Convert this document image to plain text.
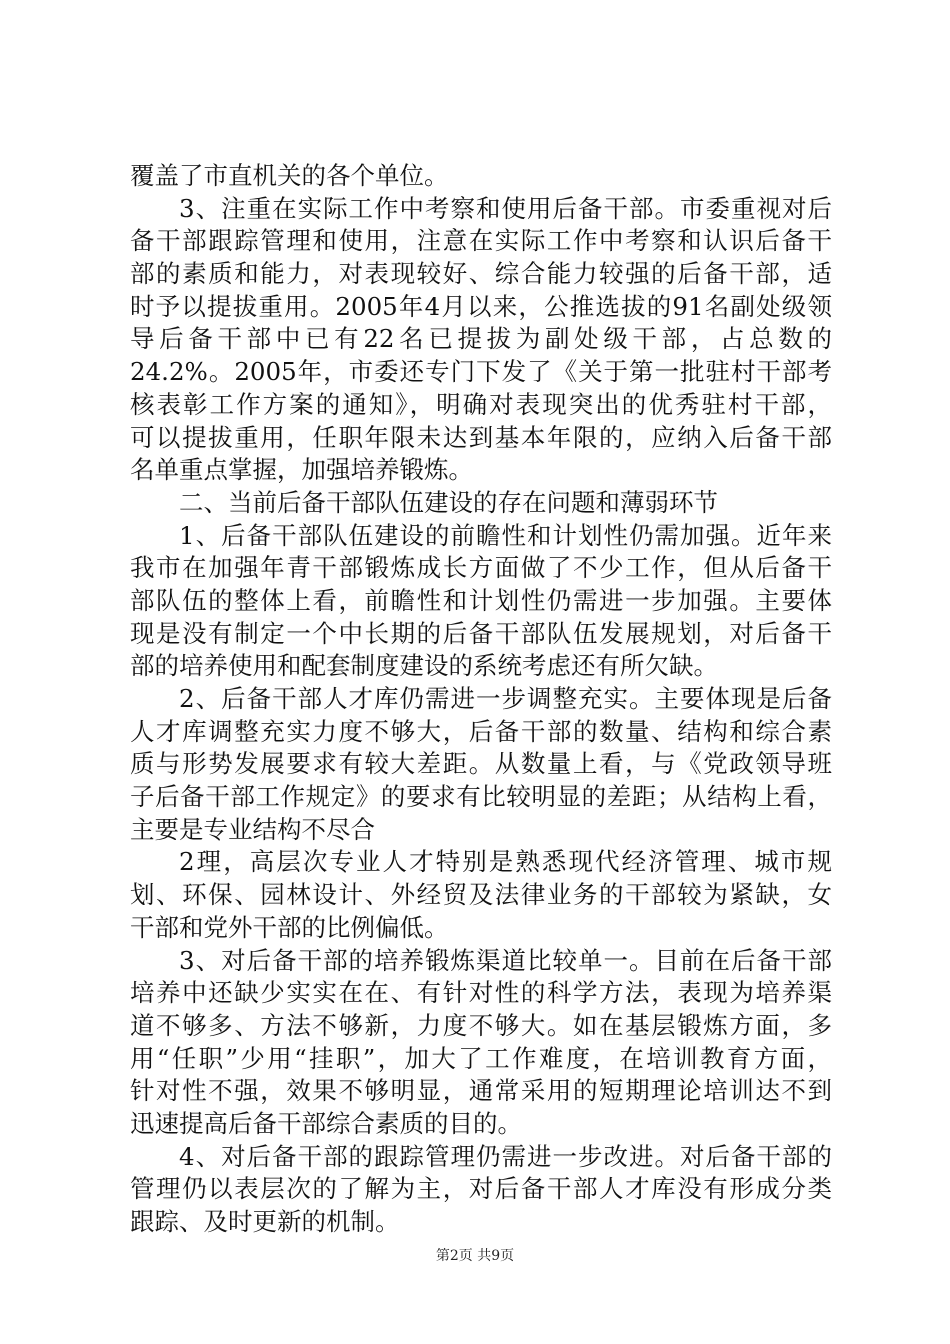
覆盖了市直机关的各个单位。
3、注重在实际工作中考察和使用后备干部。市委重视对后
备干部跟踪管理和使用，注意在实际工作中考察和认识后备干
部的素质和能力，对表现较好、综合能力较强的后备干部，适
时予以提拔重用。2005年4月以来，公推选拔的91名副处级领
导后备干部中已有22名已提拔为副处级干部，占总数的
24.2%。2005年，市委还专门下发了《关于第一批驻村干部考
核表彰工作方案的通知》，明确对表现突出的优秀驻村干部，
可以提拔重用，任职年限未达到基本年限的，应纳入后备干部
名单重点掌握，加强培养锻炼。
二、当前后备干部队伍建设的存在问题和薄弱环节
1、后备干部队伍建设的前瞻性和计划性仍需加强。近年来
我市在加强年青干部锻炼成长方面做了不少工作，但从后备干
部队伍的整体上看，前瞻性和计划性仍需进一步加强。主要体
现是没有制定一个中长期的后备干部队伍发展规划，对后备干
部的培养使用和配套制度建设的系统考虑还有所欠缺。
2、后备干部人才库仍需进一步调整充实。主要体现是后备
人才库调整充实力度不够大，后备干部的数量、结构和综合素
质与形势发展要求有较大差距。从数量上看，与《党政领导班
子后备干部工作规定》的要求有比较明显的差距；从结构上看，
主要是专业结构不尽合
2理，高层次专业人才特别是熟悉现代经济管理、城市规
划、环保、园林设计、外经贸及法律业务的干部较为紧缺，女
干部和党外干部的比例偏低。
3、对后备干部的培养锻炼渠道比较单一。目前在后备干部
培养中还缺少实实在在、有针对性的科学方法，表现为培养渠
道不够多、方法不够新，力度不够大。如在基层锻炼方面，多
用“任职”少用“挂职”，加大了工作难度，在培训教育方面，
针对性不强，效果不够明显，通常采用的短期理论培训达不到
迅速提高后备干部综合素质的目的。
4、对后备干部的跟踪管理仍需进一步改进。对后备干部的
管理仍以表层次的了解为主，对后备干部人才库没有形成分类
跟踪、及时更新的机制。
第2页 共9页
